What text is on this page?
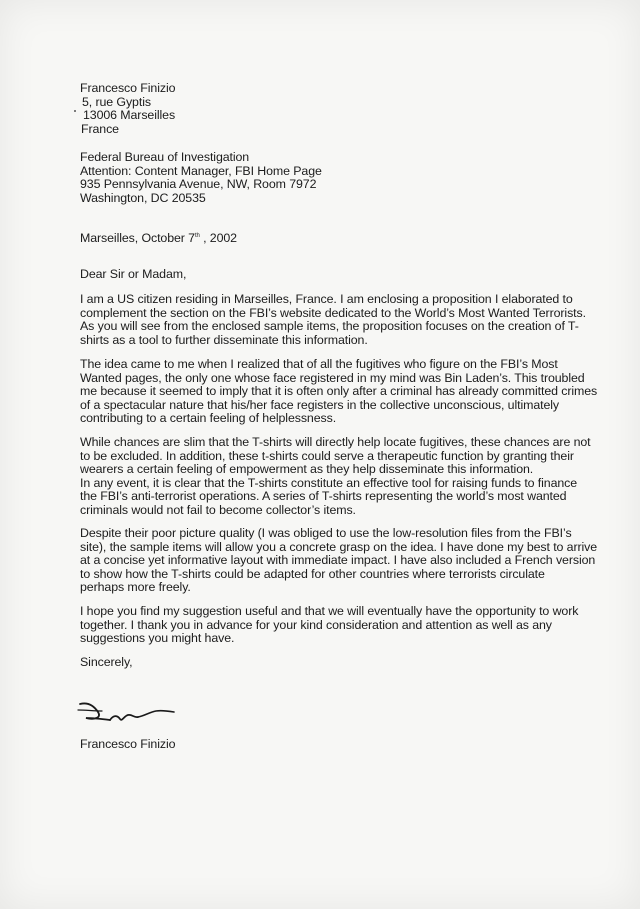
Francesco Finizio
5, rue Gyptis
13006 Marseilles
France
Federal Bureau of Investigation
Attention: Content Manager, FBI Home Page
935 Pennsylvania Avenue, NW, Room 7972
Washington, DC 20535
Marseilles, October 7th , 2002
Dear Sir or Madam,
I am a US citizen residing in Marseilles, France. I am enclosing a proposition I elaborated to
complement the section on the FBI’s website dedicated to the World’s Most Wanted Terrorists.
As you will see from the enclosed sample items, the proposition focuses on the creation of T-
shirts as a tool to further disseminate this information.
The idea came to me when I realized that of all the fugitives who figure on the FBI’s Most
Wanted pages, the only one whose face registered in my mind was Bin Laden’s. This troubled
me because it seemed to imply that it is often only after a criminal has already committed crimes
of a spectacular nature that his/her face registers in the collective unconscious, ultimately
contributing to a certain feeling of helplessness.
While chances are slim that the T-shirts will directly help locate fugitives, these chances are not
to be excluded. In addition, these t-shirts could serve a therapeutic function by granting their
wearers a certain feeling of empowerment as they help disseminate this information.
In any event, it is clear that the T-shirts constitute an effective tool for raising funds to finance
the FBI’s anti-terrorist operations. A series of T-shirts representing the world’s most wanted
criminals would not fail to become collector’s items.
Despite their poor picture quality (I was obliged to use the low-resolution files from the FBI’s
site), the sample items will allow you a concrete grasp on the idea. I have done my best to arrive
at a concise yet informative layout with immediate impact. I have also included a French version
to show how the T-shirts could be adapted for other countries where terrorists circulate
perhaps more freely.
I hope you find my suggestion useful and that we will eventually have the opportunity to work
together. I thank you in advance for your kind consideration and attention as well as any
suggestions you might have.
Sincerely,
Francesco Finizio
